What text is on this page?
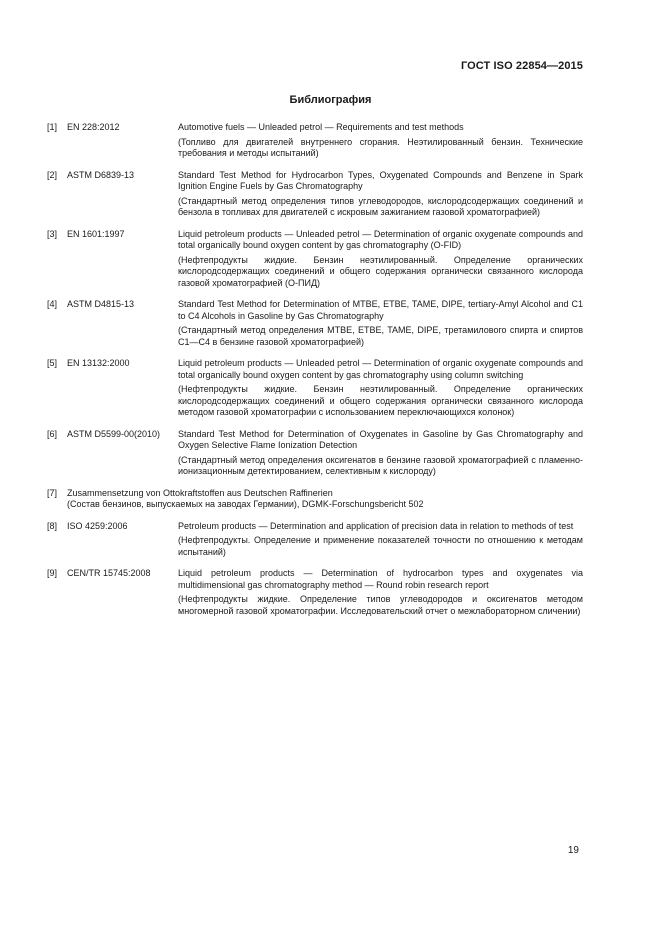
ГОСТ ISO 22854—2015
Библиография
[1]	EN 228:2012	Automotive fuels — Unleaded petrol — Requirements and test methods

(Топливо для двигателей внутреннего сгорания. Неэтилированный бензин. Технические требования и методы испытаний)

[2]	ASTM D6839-13	Standard Test Method for Hydrocarbon Types, Oxygenated Compounds and Benzene in Spark Ignition Engine Fuels by Gas Chromatography

(Стандартный метод определения типов углеводородов, кислородсодержащих соединений и бензола в топливах для двигателей с искровым зажиганием газовой хроматографией)

[3]	EN 1601:1997	Liquid petroleum products — Unleaded petrol — Determination of organic oxygenate compounds and total organically bound oxygen content by gas chromatography (O-FID)

(Нефтепродукты жидкие. Бензин неэтилированный. Определение органических кислородсодержащих соединений и общего содержания органически связанного кислорода газовой хроматографией (О-ПИД)

[4]	ASTM D4815-13	Standard Test Method for Determination of MTBE, ETBE, TAME, DIPE, tertiary-Amyl Alcohol and C1 to C4 Alcohols in Gasoline by Gas Chromatography

(Стандартный метод определения MTBE, ETBE, TAME, DIPE, третамилового спирта и спиртов C1—C4 в бензине газовой хроматографией)

[5]	EN 13132:2000	Liquid petroleum products — Unleaded petrol — Determination of organic oxygenate compounds and total organically bound oxygen content by gas chromatography using column switching

(Нефтепродукты жидкие. Бензин неэтилированный. Определение органических кислородсодержащих соединений и общего содержания органически связанного кислорода методом газовой хроматографии с использованием переключающихся колонок)

[6]	ASTM D5599-00(2010)	Standard Test Method for Determination of Oxygenates in Gasoline by Gas Chromatography and Oxygen Selective Flame Ionization Detection

(Стандартный метод определения оксигенатов в бензине газовой хроматографией с пламенно-ионизационным детектированием, селективным к кислороду)

[7]	Zusammensetzung von Ottokraftstoffen aus Deutschen Raffinerien

(Состав бензинов, выпускаемых на заводах Германии), DGMK-Forschungsbericht 502

[8]	ISO 4259:2006	Petroleum products — Determination and application of precision data in relation to methods of test

(Нефтепродукты. Определение и применение показателей точности по отношению к методам испытаний)

[9]	CEN/TR 15745:2008	Liquid petroleum products — Determination of hydrocarbon types and oxygenates via multidimensional gas chromatography method — Round robin research report

(Нефтепродукты жидкие. Определение типов углеводородов и оксигенатов методом многомерной газовой хроматографии. Исследовательский отчет о межлабораторном сличении)

19
